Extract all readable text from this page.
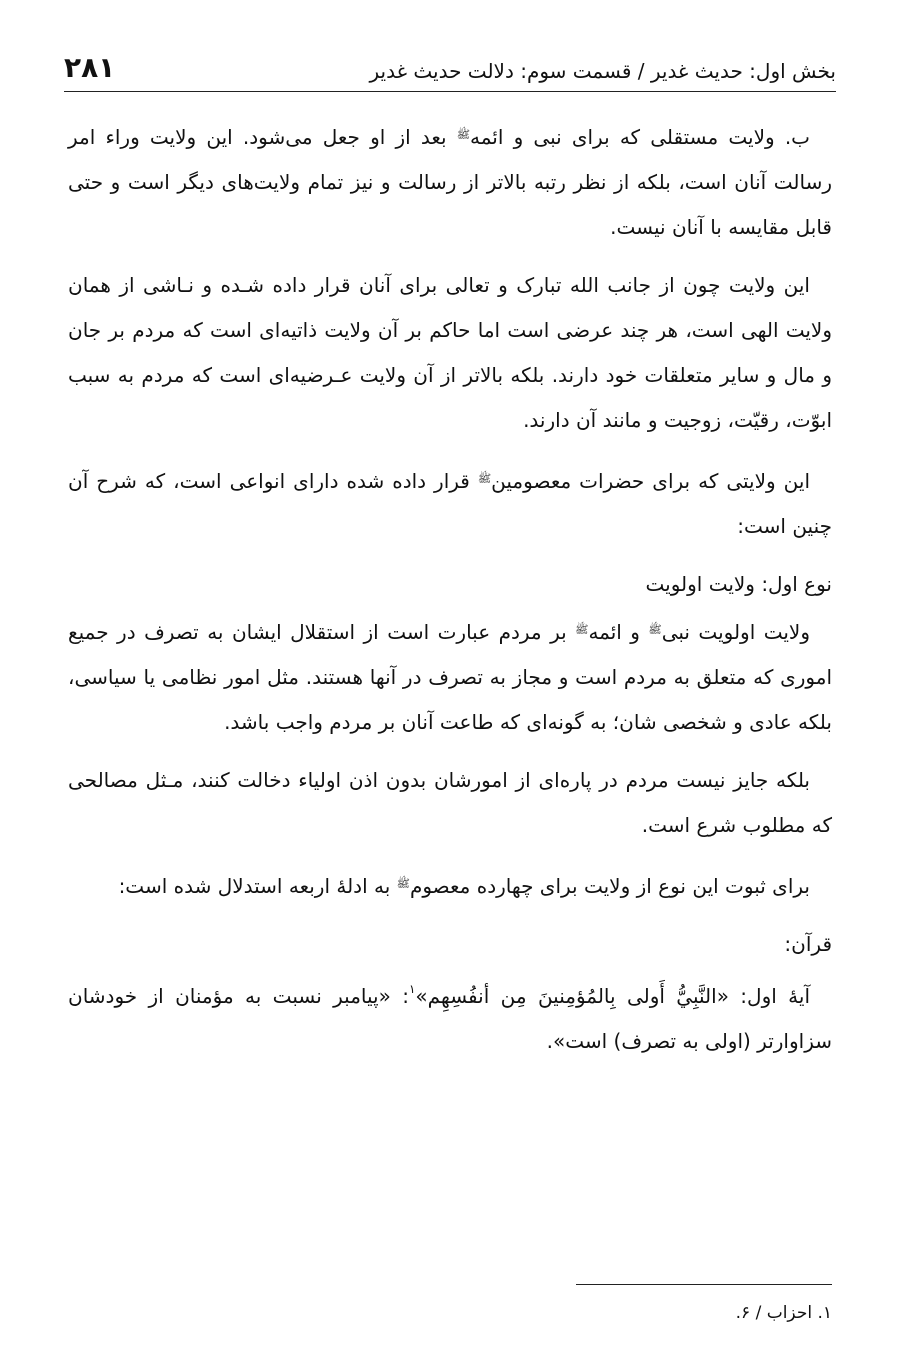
بخش اول: حدیث غدیر / قسمت سوم: دلالت حدیث غدیر
۲۸۱

ب. ولایت مستقلی که برای نبی و ائمه$^ﷺ$ بعد از او جعل می‌شود. این ولایت وراء امر رسالت آنان است، بلکه از نظر رتبه بالاتر از رسالت و نیز تمام ولایت‌های دیگر است و حتی قابل مقایسه با آنان نیست.

این ولایت چون از جانب الله تبارک و تعالی برای آنان قرار داده شـده و نـاشی از همان ولایت الهی است، هر چند عرضی است اما حاکم بر آن ولایت ذاتیه‌ای است که مردم بر جان و مال و سایر متعلقات خود دارند. بلکه بالاتر از آن ولایت عـرضیه‌ای است که مردم به سبب ابوّت، رقیّت، زوجیت و مانند آن دارند.

این ولایتی که برای حضرات معصومین$^ﷺ$ قرار داده شده دارای انواعی است، که شرح آن چنین است:

نوع اول: ولایت اولویت

ولایت اولویت نبی$^ﷺ$ و ائمه$^ﷺ$ بر مردم عبارت است از استقلال ایشان به تصرف در جمیع اموری که متعلق به مردم است و مجاز به تصرف در آنها هستند. مثل امور نظامی یا سیاسی، بلکه عادی و شخصی شان؛ به گونه‌ای که طاعت آنان بر مردم واجب باشد.

بلکه جایز نیست مردم در پاره‌ای از امورشان بدون اذن اولیاء دخالت کنند، مـثل مصالحی که مطلوب شرع است.

برای ثبوت این نوع از ولایت برای چهارده معصوم$^ﷺ$ به ادلهٔ اربعه استدلال شده است:

قرآن:

آیهٔ اول: «النَّبِيُّ أَولى بِالمُؤمِنينَ مِن أنفُسِهِم»$^۱$: «پیامبر نسبت به مؤمنان از خودشان سزاوارتر (اولی به تصرف) است».

۱. احزاب / ۶.
